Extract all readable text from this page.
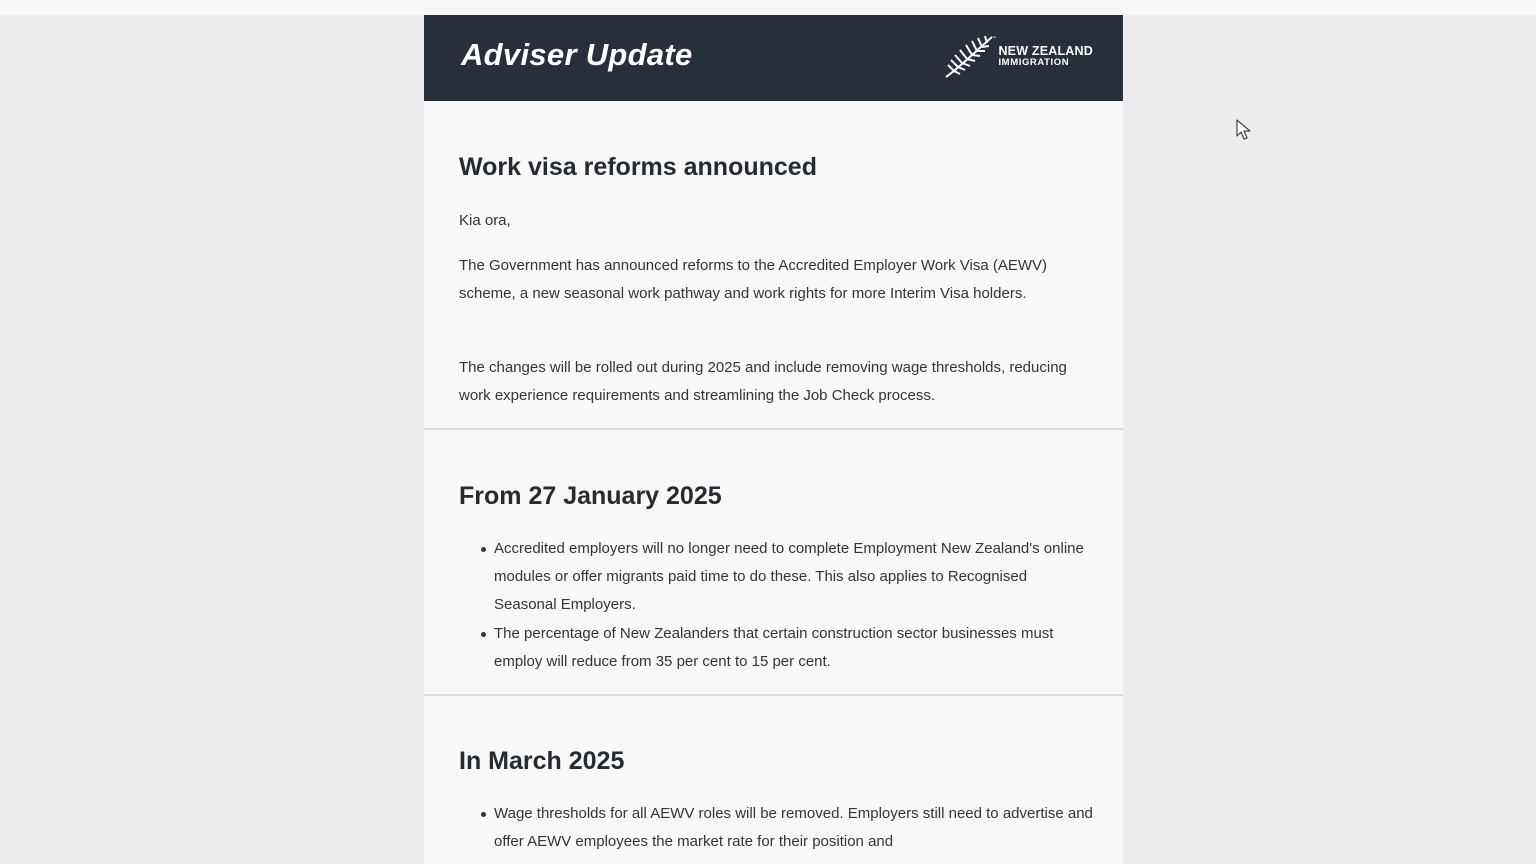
Adviser Update	™
NEW ZEALAND
IMMIGRATION
Work visa reforms announced

Kia ora,

The Government has announced reforms to the Accredited Employer Work Visa (AEWV) scheme, a new seasonal work pathway and work rights for more Interim Visa holders.

The changes will be rolled out during 2025 and include removing wage thresholds, reducing work experience requirements and streamlining the Job Check process.

From 27 January 2025
Accredited employers will no longer need to complete Employment New Zealand's online modules or offer migrants paid time to do these. This also applies to Recognised Seasonal Employers.
The percentage of New Zealanders that certain construction sector businesses must employ will reduce from 35 per cent to 15 per cent.
In March 2025
Wage thresholds for all AEWV roles will be removed. Employers still need to advertise and offer AEWV employees the market rate for their position and
